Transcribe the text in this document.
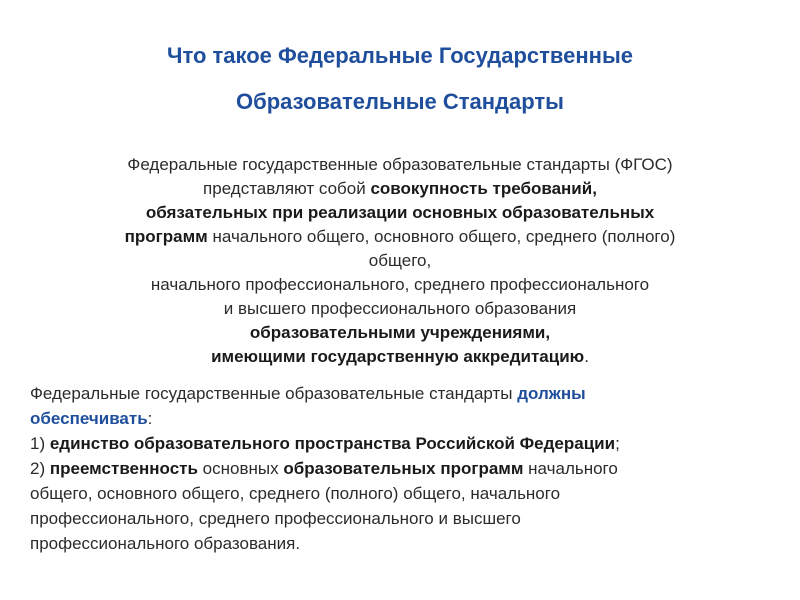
Что такое Федеральные Государственные
Образовательные Стандарты
Федеральные государственные образовательные стандарты (ФГОС)
представляют собой совокупность требований,
обязательных при реализации основных образовательных
программ начального общего, основного общего, среднего (полного)
общего,
начального профессионального, среднего профессионального
и высшего профессионального образования
образовательными учреждениями,
имеющими государственную аккредитацию.
Федеральные государственные образовательные стандарты должны
обеспечивать:
1) единство образовательного пространства Российской Федерации;
2) преемственность основных образовательных программ начального
общего, основного общего, среднего (полного) общего, начального
профессионального, среднего профессионального и высшего
профессионального образования.
